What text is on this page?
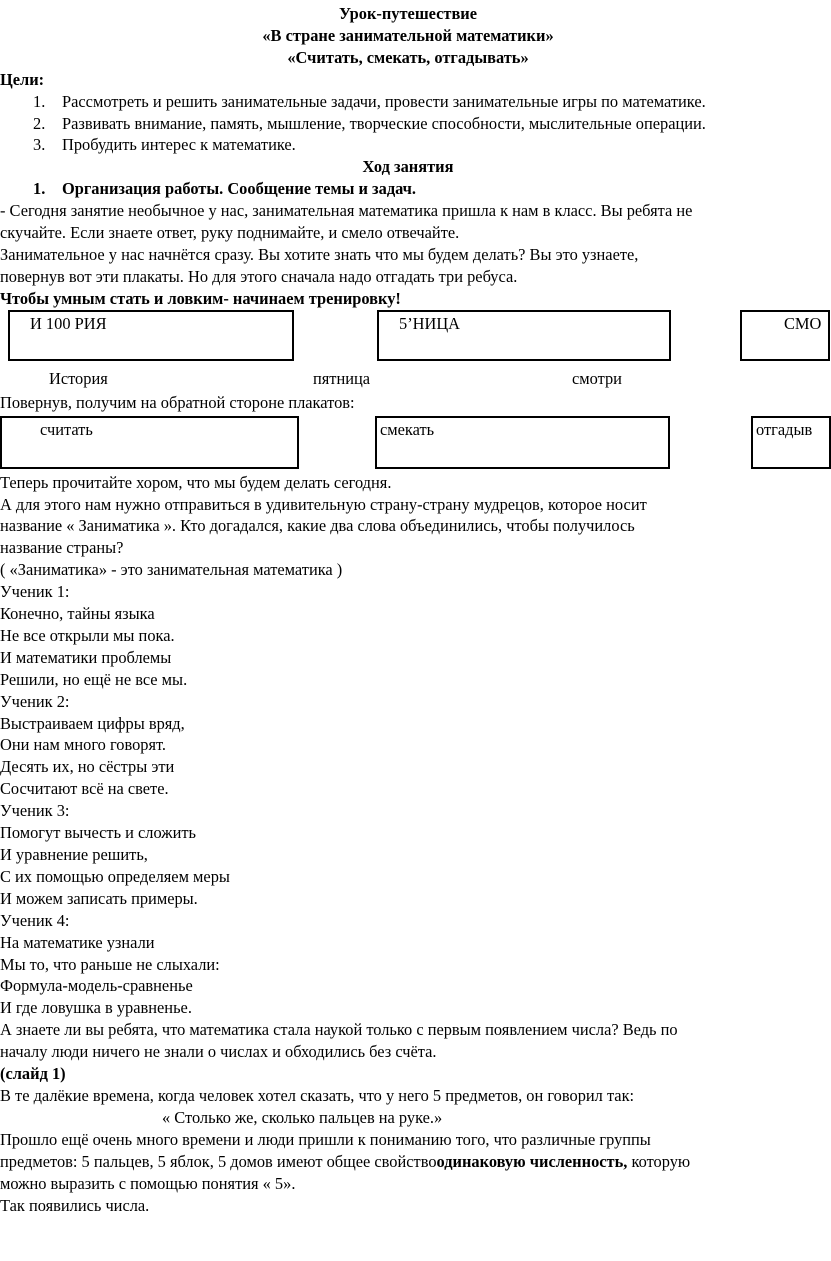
Урок-путешествие

«В стране занимательной математики»

«Считать, смекать, отгадывать»

Цели:

1. Рассмотреть и решить занимательные задачи, провести занимательные игры по математике.
2. Развивать внимание, память, мышление, творческие способности, мыслительные операции.
3. Пробудить интерес к математике.

Ход занятия

1. Организация работы. Сообщение темы и задач.

- Сегодня занятие необычное у нас, занимательная математика пришла к нам в класс. Вы ребята не

скучайте. Если знаете ответ, руку поднимайте, и смело отвечайте.

Занимательное у нас начнётся сразу. Вы хотите знать что мы будем делать? Вы это узнаете,

повернув вот эти плакаты. Но для этого сначала надо отгадать три ребуса.

Чтобы умным стать и ловким- начинаем тренировку!

И 100 РИЯ	5’НИЦА	СМО
История	пятница	смотри

Повернув, получим на обратной стороне плакатов:

считать	смекать	отгадыв

Теперь прочитайте хором, что мы будем делать сегодня.

А для этого нам нужно отправиться в удивительную страну-страну мудрецов, которое носит

название « Заниматика ». Кто догадался, какие два слова объединились, чтобы получилось

название страны?

( «Заниматика» - это занимательная математика )

Ученик 1:

Конечно, тайны языка

Не все открыли мы пока.

И математики проблемы

Решили, но ещё не все мы.

Ученик 2:

Выстраиваем цифры вряд,

Они нам много говорят.

Десять их, но сёстры эти

Сосчитают всё на свете.

Ученик 3:

Помогут вычесть и сложить

И уравнение решить,

С их помощью определяем меры

И можем записать примеры.

Ученик 4:

На математике узнали

Мы то, что раньше не слыхали:

Формула-модель-сравненье

И где ловушка в уравненье.

А знаете ли вы ребята, что математика стала наукой только с первым появлением числа? Ведь по

началу люди ничего не знали о числах и обходились без счёта.

(слайд 1)

В те далёкие времена, когда человек хотел сказать, что у него 5 предметов, он говорил так:

« Столько же, сколько пальцев на руке.»

Прошло ещё очень много времени и люди пришли к пониманию того, что различные группы

предметов: 5 пальцев, 5 яблок, 5 домов имеют общее свойствоодинаковую численность, которую

можно выразить с помощью понятия « 5».

Так появились числа.
